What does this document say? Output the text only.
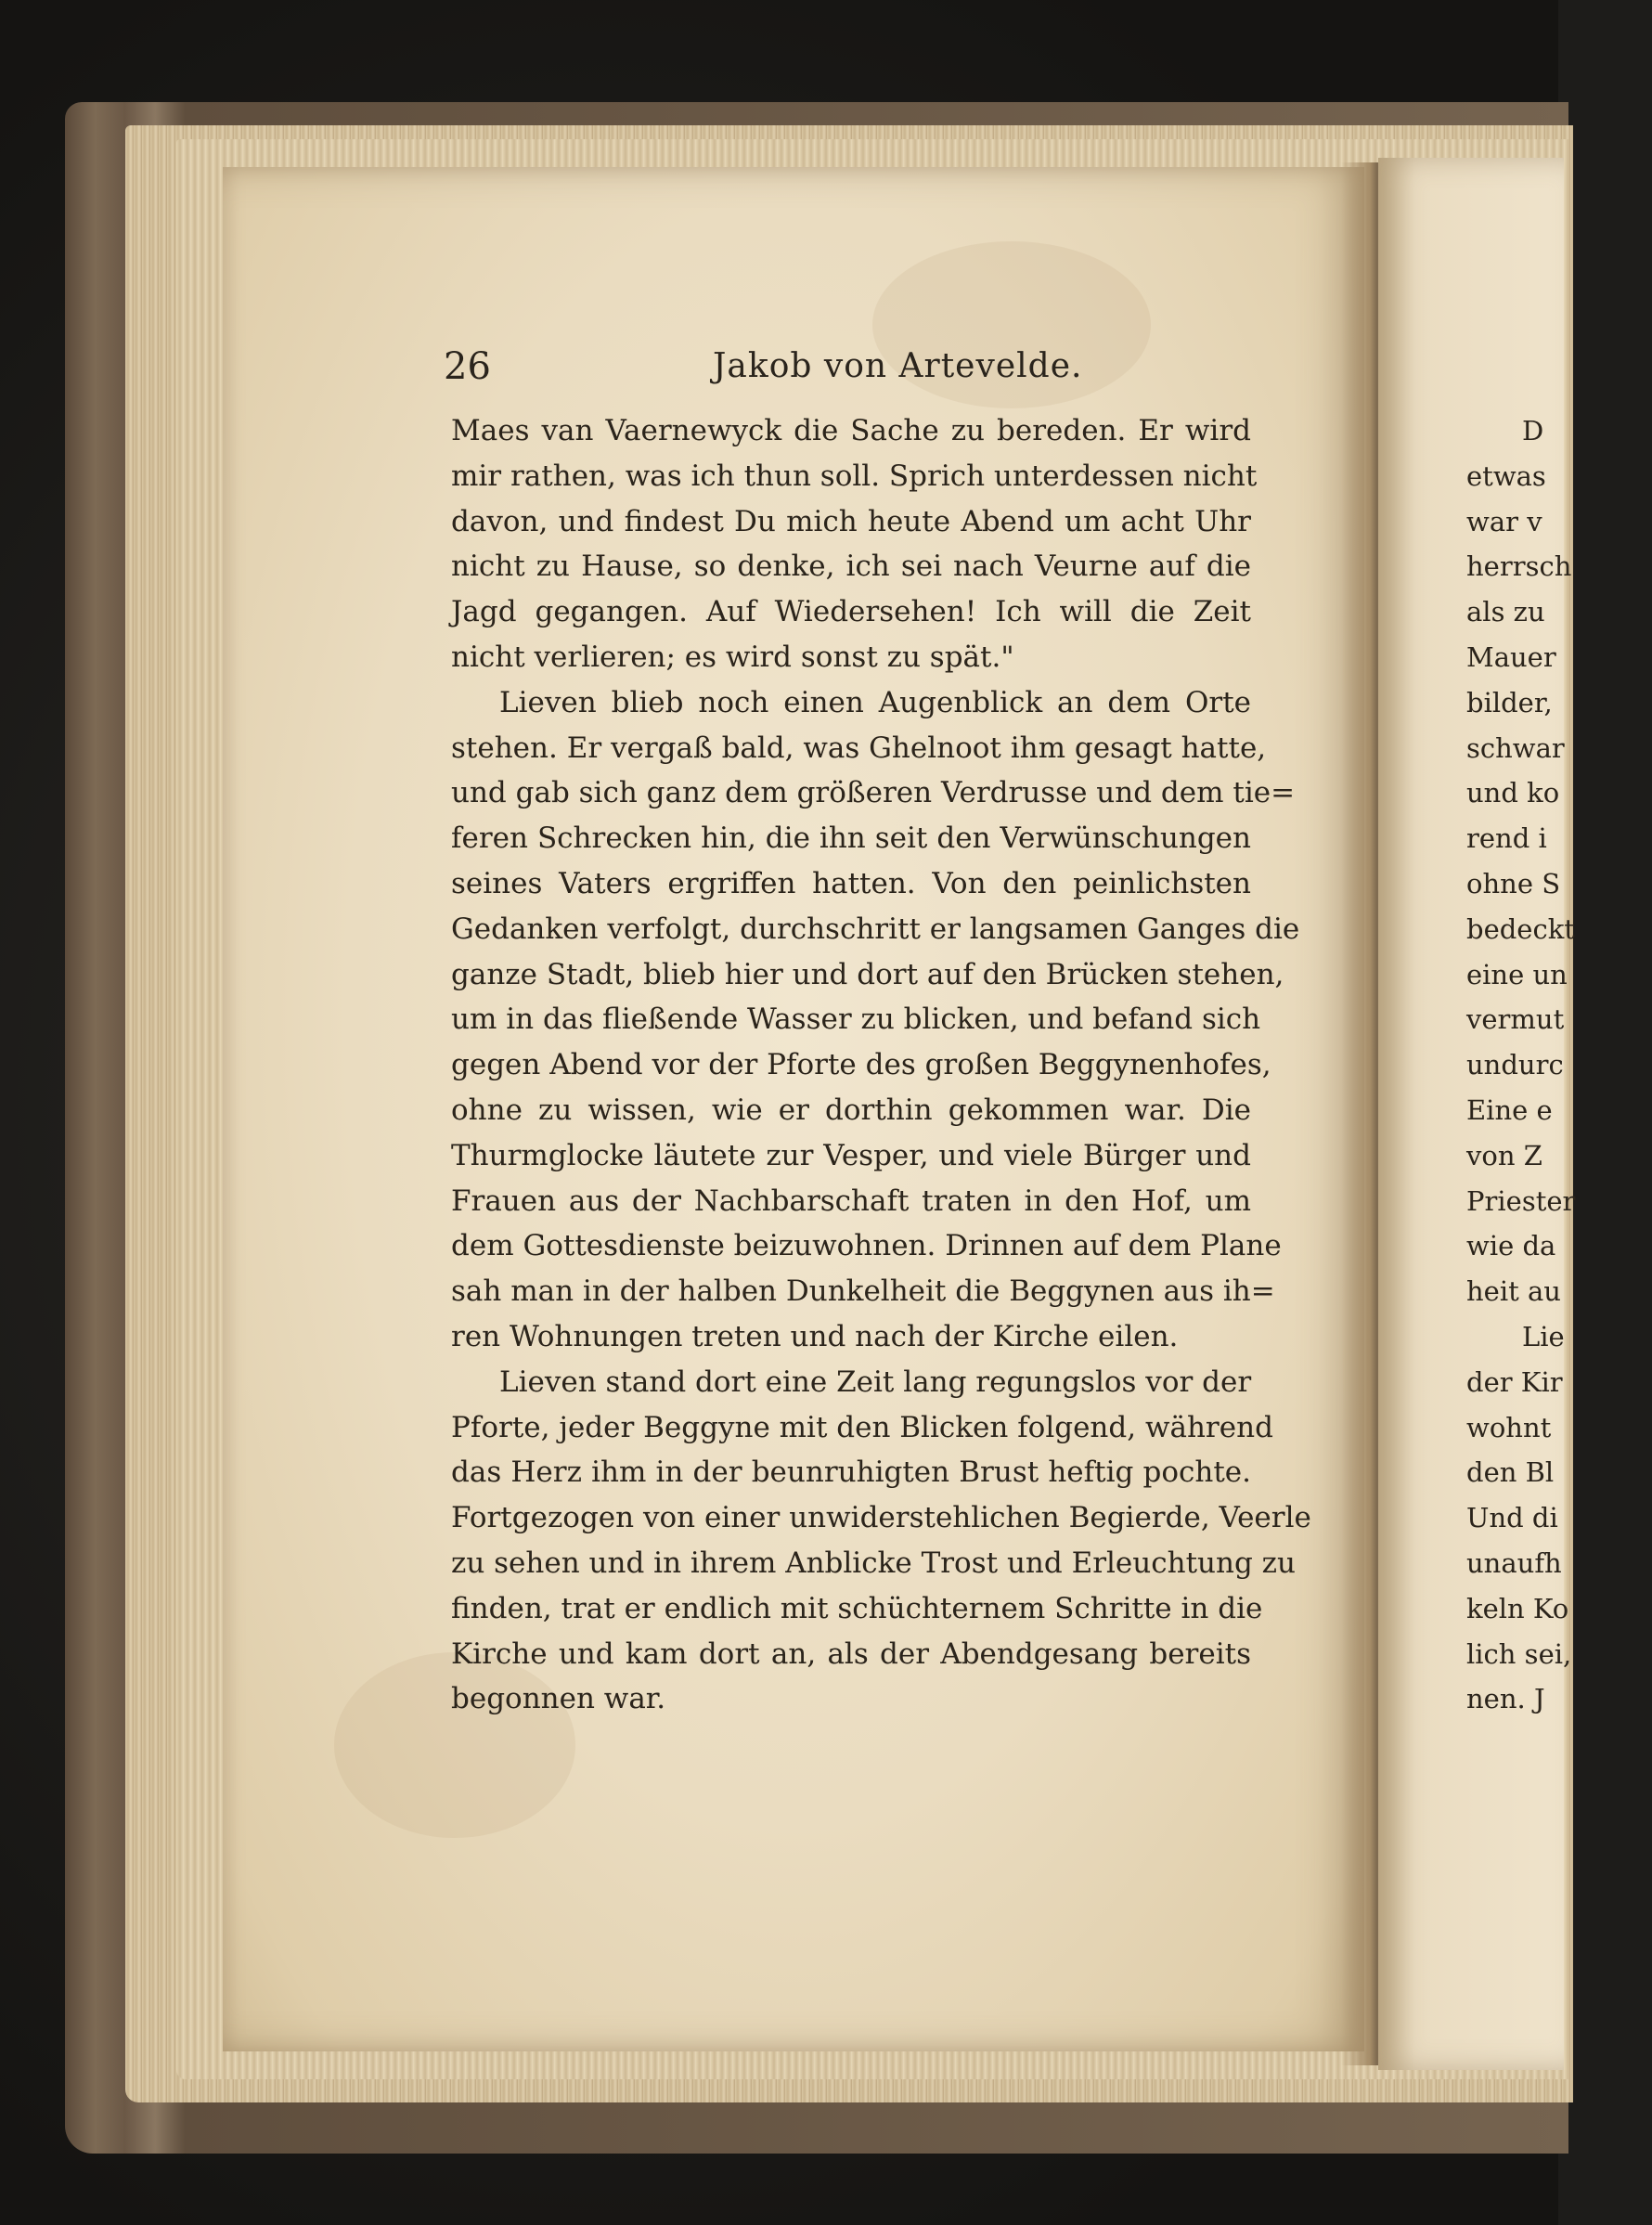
26	Jakob von Artevelde.
Maes van Vaernewyck die Sache zu bereden. Er wird
mir rathen, was ich thun soll. Sprich unterdessen nicht
davon, und findest Du mich heute Abend um acht Uhr
nicht zu Hause, so denke, ich sei nach Veurne auf die
Jagd gegangen. Auf Wiedersehen! Ich will die Zeit
nicht verlieren; es wird sonst zu spät."
Lieven blieb noch einen Augenblick an dem Orte
stehen. Er vergaß bald, was Ghelnoot ihm gesagt hatte,
und gab sich ganz dem größeren Verdrusse und dem tie=
feren Schrecken hin, die ihn seit den Verwünschungen
seines Vaters ergriffen hatten. Von den peinlichsten
Gedanken verfolgt, durchschritt er langsamen Ganges die
ganze Stadt, blieb hier und dort auf den Brücken stehen,
um in das fließende Wasser zu blicken, und befand sich
gegen Abend vor der Pforte des großen Beggynenhofes,
ohne zu wissen, wie er dorthin gekommen war. Die
Thurmglocke läutete zur Vesper, und viele Bürger und
Frauen aus der Nachbarschaft traten in den Hof, um
dem Gottesdienste beizuwohnen. Drinnen auf dem Plane
sah man in der halben Dunkelheit die Beggynen aus ih=
ren Wohnungen treten und nach der Kirche eilen.
Lieven stand dort eine Zeit lang regungslos vor der
Pforte, jeder Beggyne mit den Blicken folgend, während
das Herz ihm in der beunruhigten Brust heftig pochte.
Fortgezogen von einer unwiderstehlichen Begierde, Veerle
zu sehen und in ihrem Anblicke Trost und Erleuchtung zu
finden, trat er endlich mit schüchternem Schritte in die
Kirche und kam dort an, als der Abendgesang bereits
begonnen war.
D
etwas
war v
herrsch
als zu
Mauer
bilder,
schwar
und ko
rend i
ohne S
bedeckt
eine un
vermut
undurc
Eine e
von Z
Priester
wie da
heit au
Lie
der Kir
wohnt
den Bl
Und di
unaufh
keln Ko
lich sei,
nen. J
